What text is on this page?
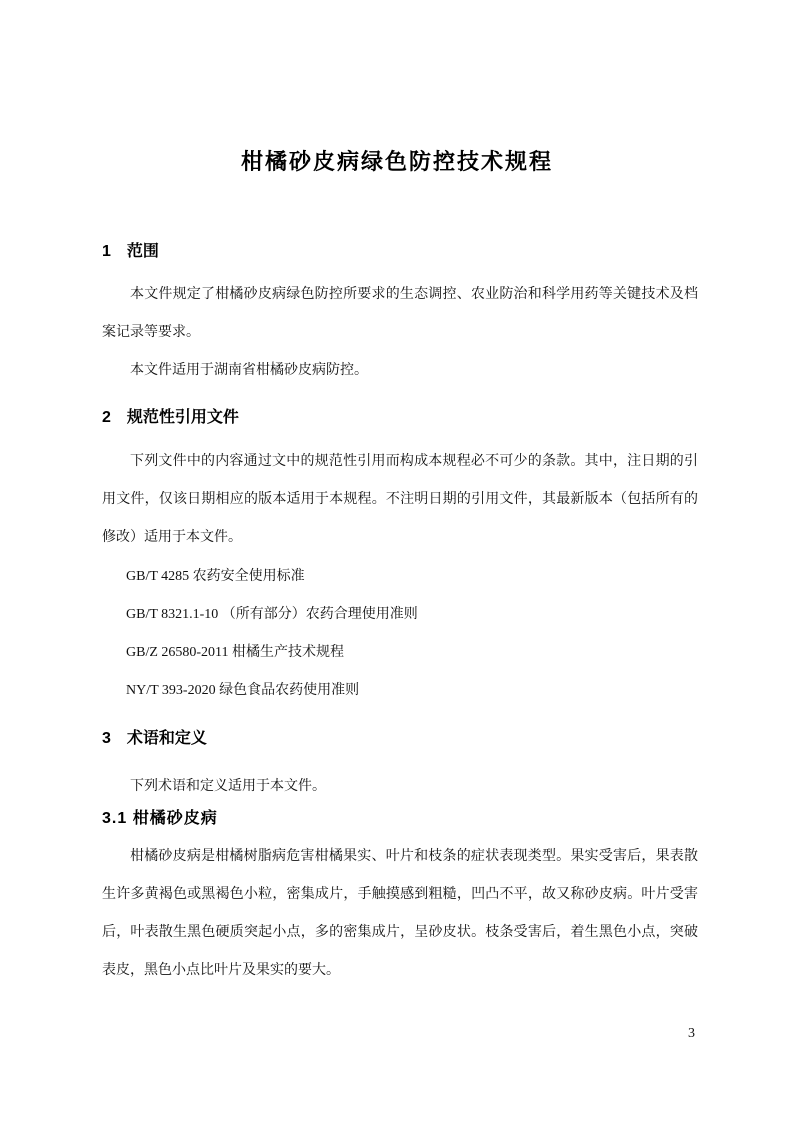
柑橘砂皮病绿色防控技术规程
1　范围
本文件规定了柑橘砂皮病绿色防控所要求的生态调控、农业防治和科学用药等关键技术及档案记录等要求。
本文件适用于湖南省柑橘砂皮病防控。
2　规范性引用文件
下列文件中的内容通过文中的规范性引用而构成本规程必不可少的条款。其中，注日期的引用文件，仅该日期相应的版本适用于本规程。不注明日期的引用文件，其最新版本（包括所有的修改）适用于本文件。
GB/T 4285 农药安全使用标准
GB/T 8321.1-10 （所有部分）农药合理使用准则
GB/Z 26580-2011 柑橘生产技术规程
NY/T 393-2020 绿色食品农药使用准则
3　术语和定义
下列术语和定义适用于本文件。
3.1 柑橘砂皮病
柑橘砂皮病是柑橘树脂病危害柑橘果实、叶片和枝条的症状表现类型。果实受害后，果表散生许多黄褐色或黑褐色小粒，密集成片，手触摸感到粗糙，凹凸不平，故又称砂皮病。叶片受害后，叶表散生黑色硬质突起小点，多的密集成片，呈砂皮状。枝条受害后，着生黑色小点，突破表皮，黑色小点比叶片及果实的要大。
3
